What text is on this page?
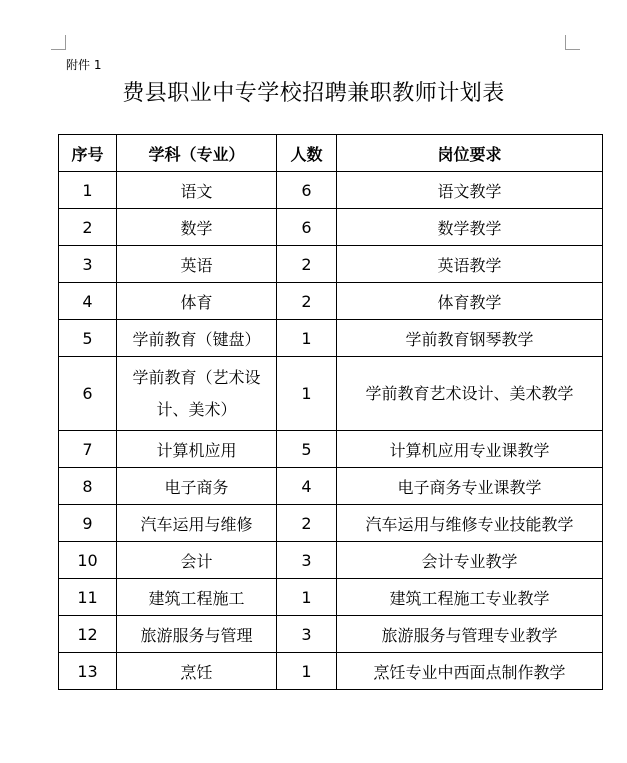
附件 1
费县职业中专学校招聘兼职教师计划表
序号	学科（专业）	人数	岗位要求
1	语文	6	语文教学
2	数学	6	数学教学
3	英语	2	英语教学
4	体育	2	体育教学
5	学前教育（键盘）	1	学前教育钢琴教学
6	学前教育（艺术设计、美术）	1	学前教育艺术设计、美术教学
7	计算机应用	5	计算机应用专业课教学
8	电子商务	4	电子商务专业课教学
9	汽车运用与维修	2	汽车运用与维修专业技能教学
10	会计	3	会计专业教学
11	建筑工程施工	1	建筑工程施工专业教学
12	旅游服务与管理	3	旅游服务与管理专业教学
13	烹饪	1	烹饪专业中西面点制作教学
